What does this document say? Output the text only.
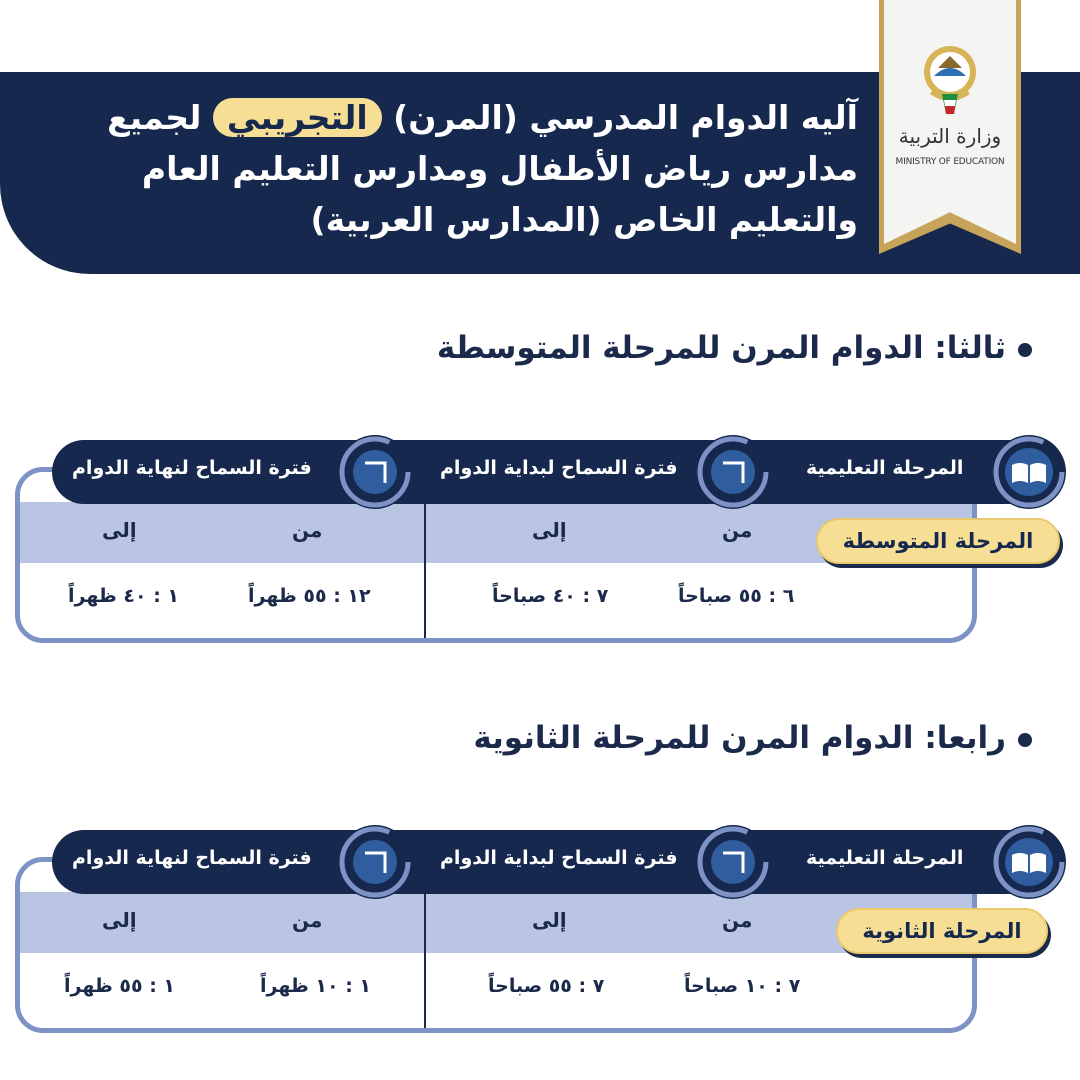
آليه الدوام المدرسي (المرن) التجريبي لجميع مدارس رياض الأطفال ومدارس التعليم العام والتعليم الخاص (المدارس العربية)
وزارة التربية
MINISTRY OF EDUCATION
ثالثا: الدوام المرن للمرحلة المتوسطة
إلى	من	إلى	من
١ : ٤٠ ظهراً	١٢ : ٥٥ ظهراً	٧ : ٤٠ صباحاً	٦ : ٥٥ صباحاً
فترة السماح لنهاية الدوام	فترة السماح لبداية الدوام	المرحلة التعليمية
المرحلة المتوسطة
رابعا: الدوام المرن للمرحلة الثانوية
إلى	من	إلى	من
١ : ٥٥ ظهراً	١ : ١٠ ظهراً	٧ : ٥٥ صباحاً	٧ : ١٠ صباحاً
فترة السماح لنهاية الدوام	فترة السماح لبداية الدوام	المرحلة التعليمية
المرحلة الثانوية
